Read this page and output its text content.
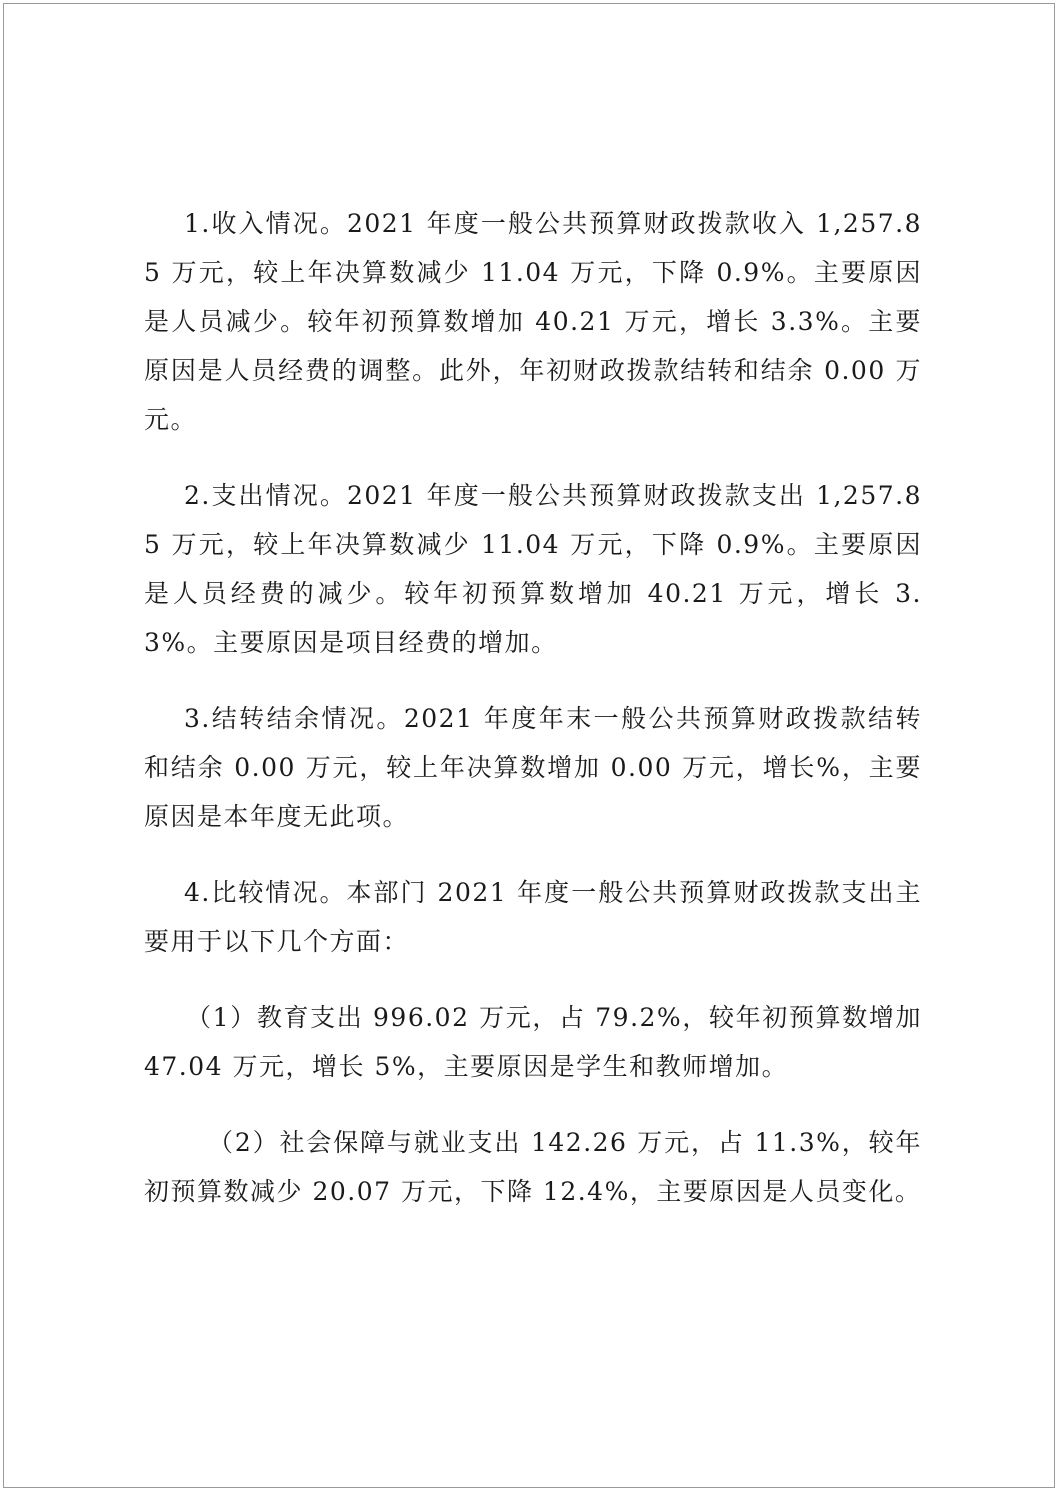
1.收入情况。2021 年度一般公共预算财政拨款收入 1,257.85 万元，较上年决算数减少 11.04 万元，下降 0.9%。主要原因是人员减少。较年初预算数增加 40.21 万元，增长 3.3%。主要原因是人员经费的调整。此外，年初财政拨款结转和结余 0.00 万元。

2.支出情况。2021 年度一般公共预算财政拨款支出 1,257.85 万元，较上年决算数减少 11.04 万元，下降 0.9%。主要原因是人员经费的减少。较年初预算数增加 40.21 万元，增长 3.3%。主要原因是项目经费的增加。

3.结转结余情况。2021 年度年末一般公共预算财政拨款结转和结余 0.00 万元，较上年决算数增加 0.00 万元，增长%，主要原因是本年度无此项。

4.比较情况。本部门 2021 年度一般公共预算财政拨款支出主要用于以下几个方面：

（1）教育支出 996.02 万元，占 79.2%，较年初预算数增加 47.04 万元，增长 5%，主要原因是学生和教师增加。

（2）社会保障与就业支出 142.26 万元，占 11.3%，较年初预算数减少 20.07 万元，下降 12.4%，主要原因是人员变化。
